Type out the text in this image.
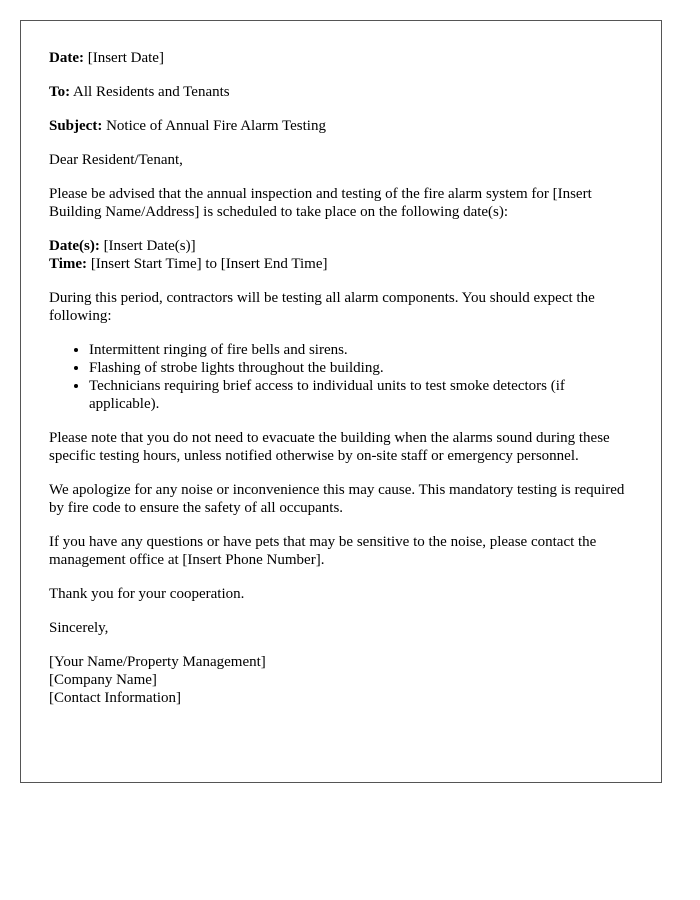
Date: [Insert Date]

To: All Residents and Tenants

Subject: Notice of Annual Fire Alarm Testing

Dear Resident/Tenant,

Please be advised that the annual inspection and testing of the fire alarm system for [Insert Building Name/Address] is scheduled to take place on the following date(s):

Date(s): [Insert Date(s)]
Time: [Insert Start Time] to [Insert End Time]

During this period, contractors will be testing all alarm components. You should expect the following:

• Intermittent ringing of fire bells and sirens.
• Flashing of strobe lights throughout the building.
• Technicians requiring brief access to individual units to test smoke detectors (if applicable).

Please note that you do not need to evacuate the building when the alarms sound during these specific testing hours, unless notified otherwise by on-site staff or emergency personnel.

We apologize for any noise or inconvenience this may cause. This mandatory testing is required by fire code to ensure the safety of all occupants.

If you have any questions or have pets that may be sensitive to the noise, please contact the management office at [Insert Phone Number].

Thank you for your cooperation.

Sincerely,

[Your Name/Property Management]
[Company Name]
[Contact Information]
